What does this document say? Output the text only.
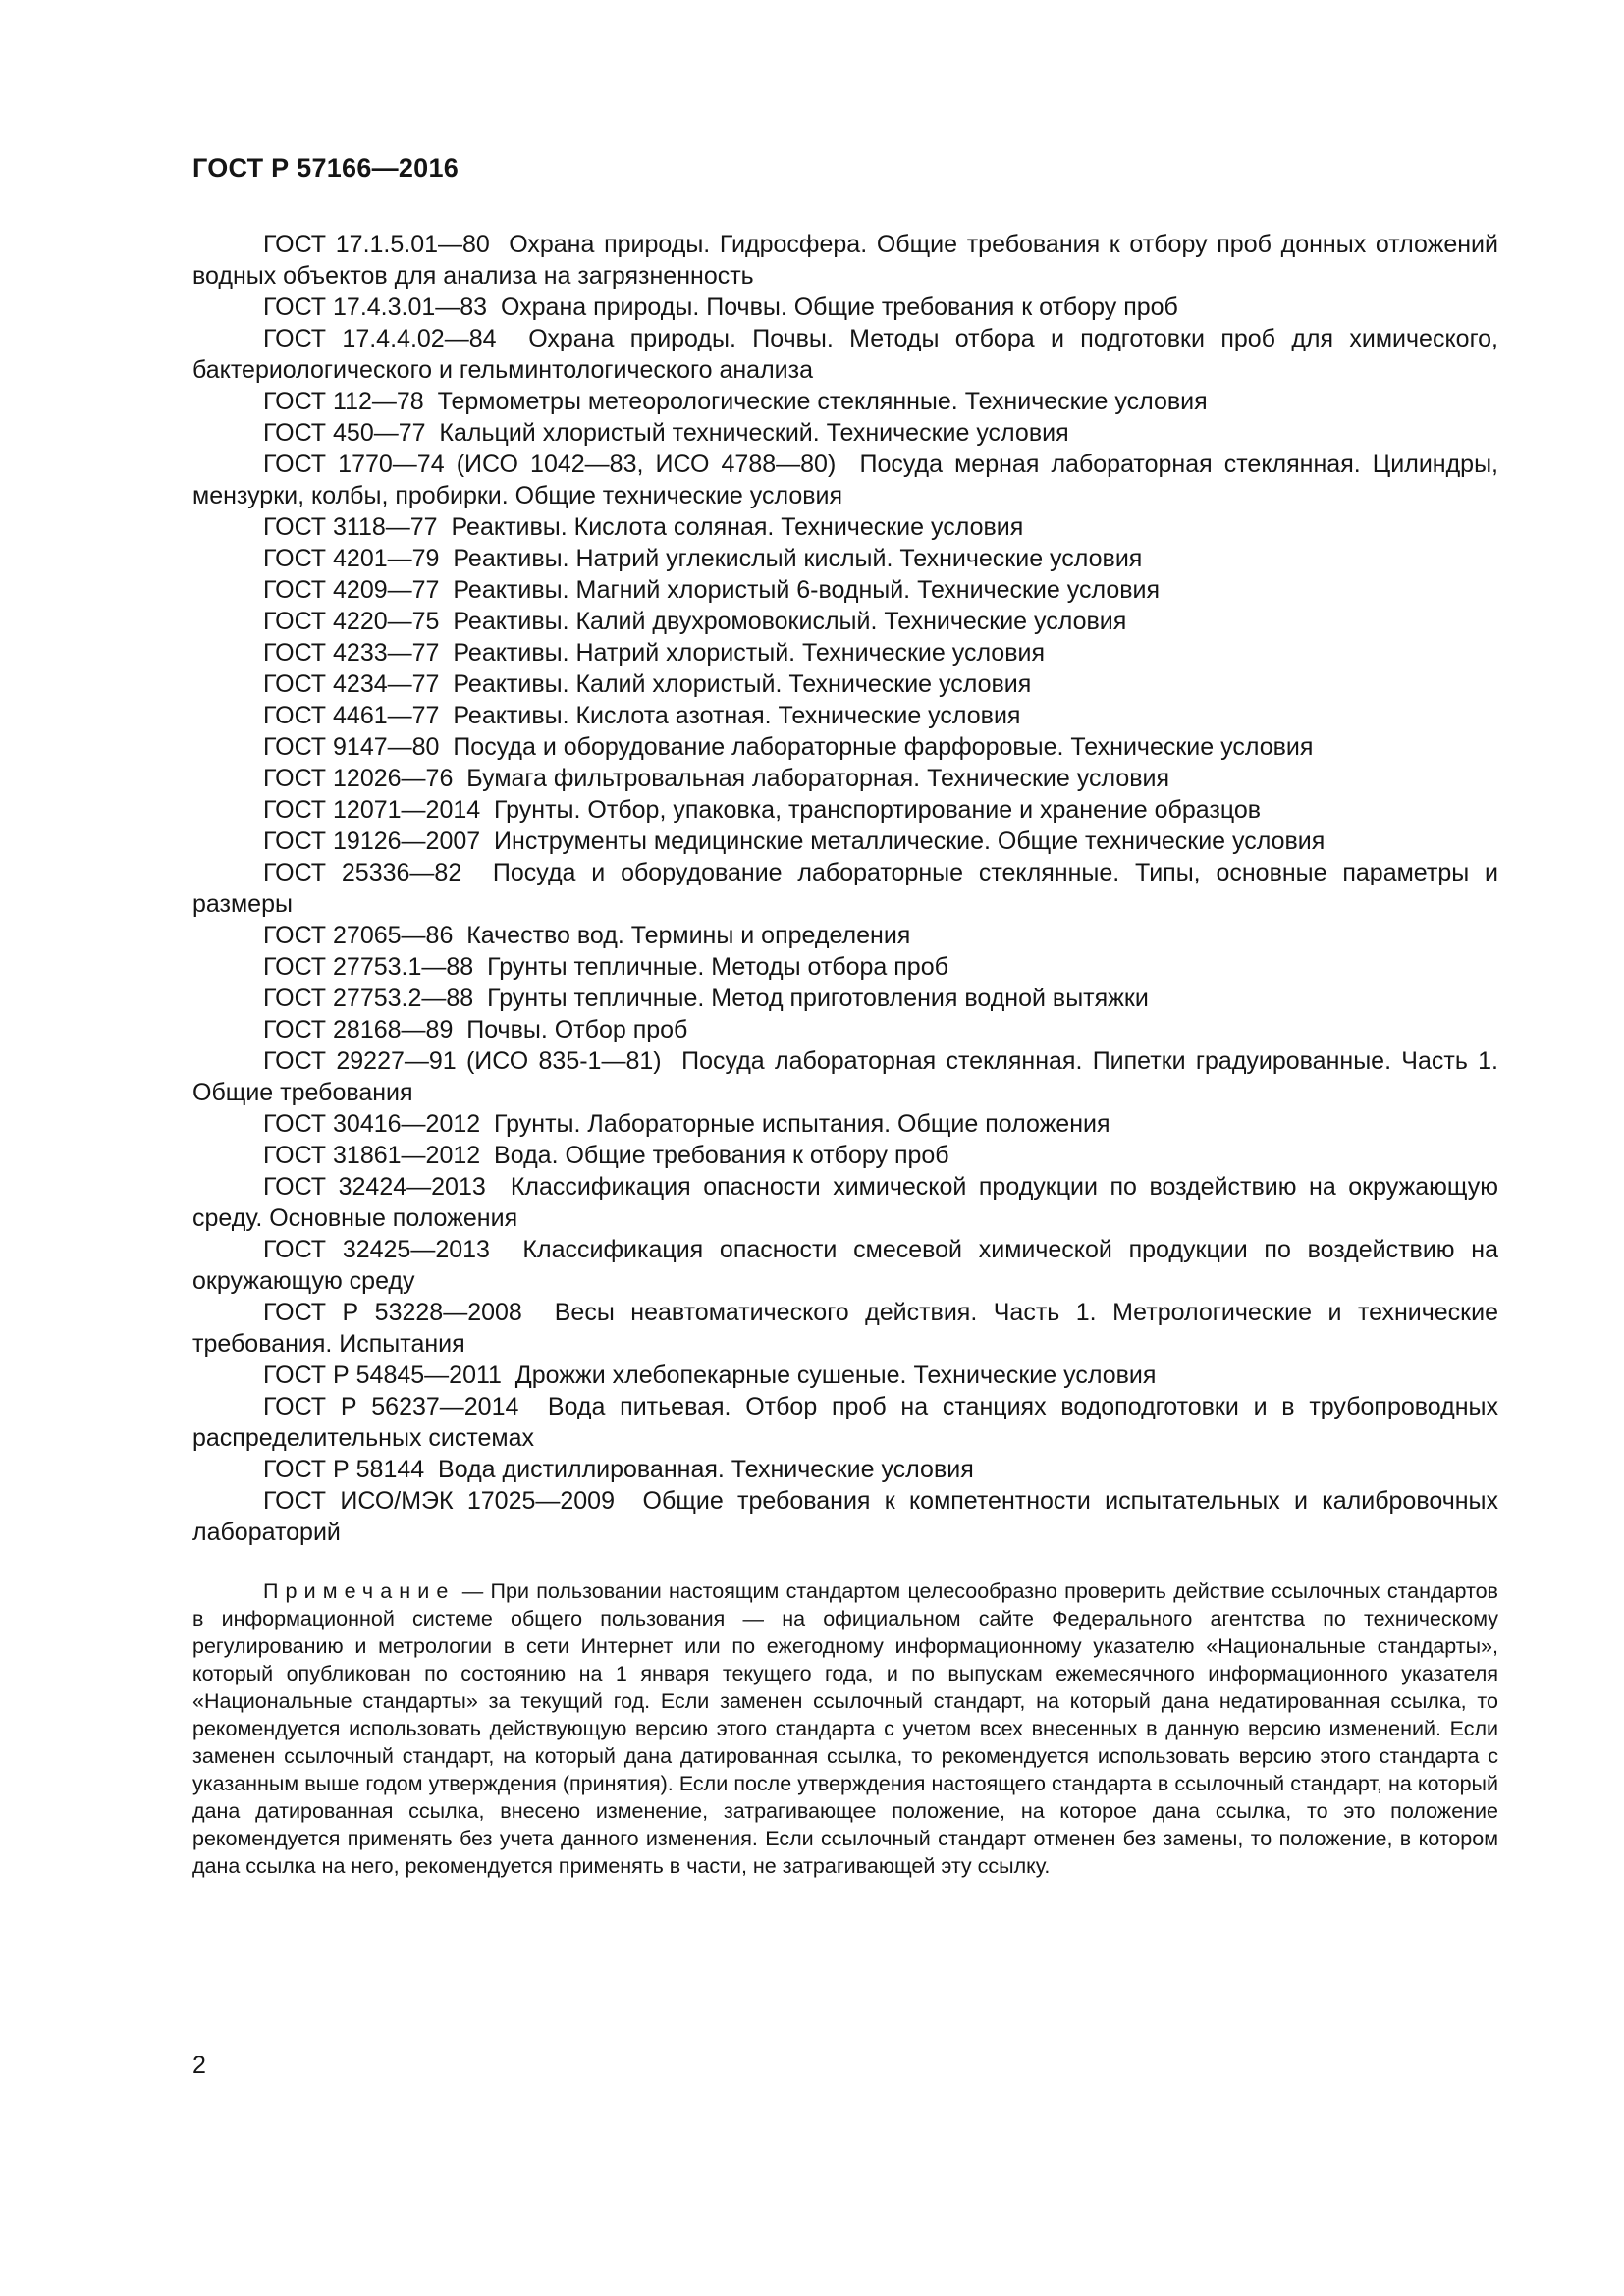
ГОСТ Р 57166—2016

ГОСТ 17.1.5.01—80  Охрана природы. Гидросфера. Общие требования к отбору проб донных отложений водных объектов для анализа на загрязненность

ГОСТ 17.4.3.01—83  Охрана природы. Почвы. Общие требования к отбору проб

ГОСТ 17.4.4.02—84  Охрана природы. Почвы. Методы отбора и подготовки проб для химического, бактериологического и гельминтологического анализа

ГОСТ 112—78  Термометры метеорологические стеклянные. Технические условия

ГОСТ 450—77  Кальций хлористый технический. Технические условия

ГОСТ 1770—74 (ИСО 1042—83, ИСО 4788—80)  Посуда мерная лабораторная стеклянная. Цилиндры, мензурки, колбы, пробирки. Общие технические условия

ГОСТ 3118—77  Реактивы. Кислота соляная. Технические условия

ГОСТ 4201—79  Реактивы. Натрий углекислый кислый. Технические условия

ГОСТ 4209—77  Реактивы. Магний хлористый 6-водный. Технические условия

ГОСТ 4220—75  Реактивы. Калий двухромовокислый. Технические условия

ГОСТ 4233—77  Реактивы. Натрий хлористый. Технические условия

ГОСТ 4234—77  Реактивы. Калий хлористый. Технические условия

ГОСТ 4461—77  Реактивы. Кислота азотная. Технические условия

ГОСТ 9147—80  Посуда и оборудование лабораторные фарфоровые. Технические условия

ГОСТ 12026—76  Бумага фильтровальная лабораторная. Технические условия

ГОСТ 12071—2014  Грунты. Отбор, упаковка, транспортирование и хранение образцов

ГОСТ 19126—2007  Инструменты медицинские металлические. Общие технические условия

ГОСТ 25336—82  Посуда и оборудование лабораторные стеклянные. Типы, основные параметры и размеры

ГОСТ 27065—86  Качество вод. Термины и определения

ГОСТ 27753.1—88  Грунты тепличные. Методы отбора проб

ГОСТ 27753.2—88  Грунты тепличные. Метод приготовления водной вытяжки

ГОСТ 28168—89  Почвы. Отбор проб

ГОСТ 29227—91 (ИСО 835-1—81)  Посуда лабораторная стеклянная. Пипетки градуированные. Часть 1. Общие требования

ГОСТ 30416—2012  Грунты. Лабораторные испытания. Общие положения

ГОСТ 31861—2012  Вода. Общие требования к отбору проб

ГОСТ 32424—2013  Классификация опасности химической продукции по воздействию на окружающую среду. Основные положения

ГОСТ 32425—2013  Классификация опасности смесевой химической продукции по воздействию на окружающую среду

ГОСТ Р 53228—2008  Весы неавтоматического действия. Часть 1. Метрологические и технические требования. Испытания

ГОСТ Р 54845—2011  Дрожжи хлебопекарные сушеные. Технические условия

ГОСТ Р 56237—2014  Вода питьевая. Отбор проб на станциях водоподготовки и в трубопроводных распределительных системах

ГОСТ Р 58144  Вода дистиллированная. Технические условия

ГОСТ ИСО/МЭК 17025—2009  Общие требования к компетентности испытательных и калибровочных лабораторий

Примечание — При пользовании настоящим стандартом целесообразно проверить действие ссылочных стандартов в информационной системе общего пользования — на официальном сайте Федерального агентства по техническому регулированию и метрологии в сети Интернет или по ежегодному информационному указателю «Национальные стандарты», который опубликован по состоянию на 1 января текущего года, и по выпускам ежемесячного информационного указателя «Национальные стандарты» за текущий год. Если заменен ссылочный стандарт, на который дана недатированная ссылка, то рекомендуется использовать действующую версию этого стандарта с учетом всех внесенных в данную версию изменений. Если заменен ссылочный стандарт, на который дана датированная ссылка, то рекомендуется использовать версию этого стандарта с указанным выше годом утверждения (принятия). Если после утверждения настоящего стандарта в ссылочный стандарт, на который дана датированная ссылка, внесено изменение, затрагивающее положение, на которое дана ссылка, то это положение рекомендуется применять без учета данного изменения. Если ссылочный стандарт отменен без замены, то положение, в котором дана ссылка на него, рекомендуется применять в части, не затрагивающей эту ссылку.

2
